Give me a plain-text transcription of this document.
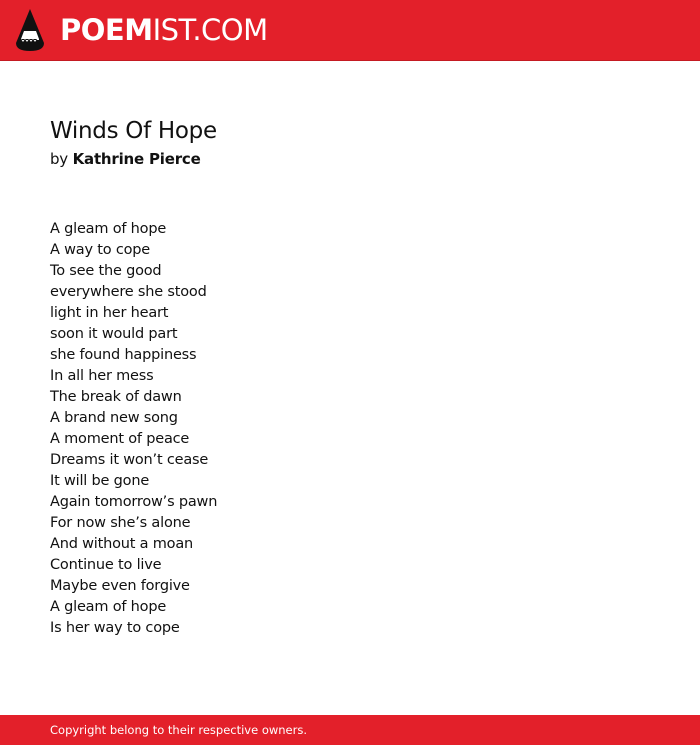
POEMIST.COM
Winds Of Hope
by Kathrine Pierce
A gleam of hope
A way to cope
To see the good
everywhere she stood
light in her heart
soon it would part
she found happiness
In all her mess
The break of dawn
A brand new song
A moment of peace
Dreams it won’t cease
It will be gone
Again tomorrow’s pawn
For now she’s alone
And without a moan
Continue to live
Maybe even forgive
A gleam of hope
Is her way to cope
Copyright belong to their respective owners.
